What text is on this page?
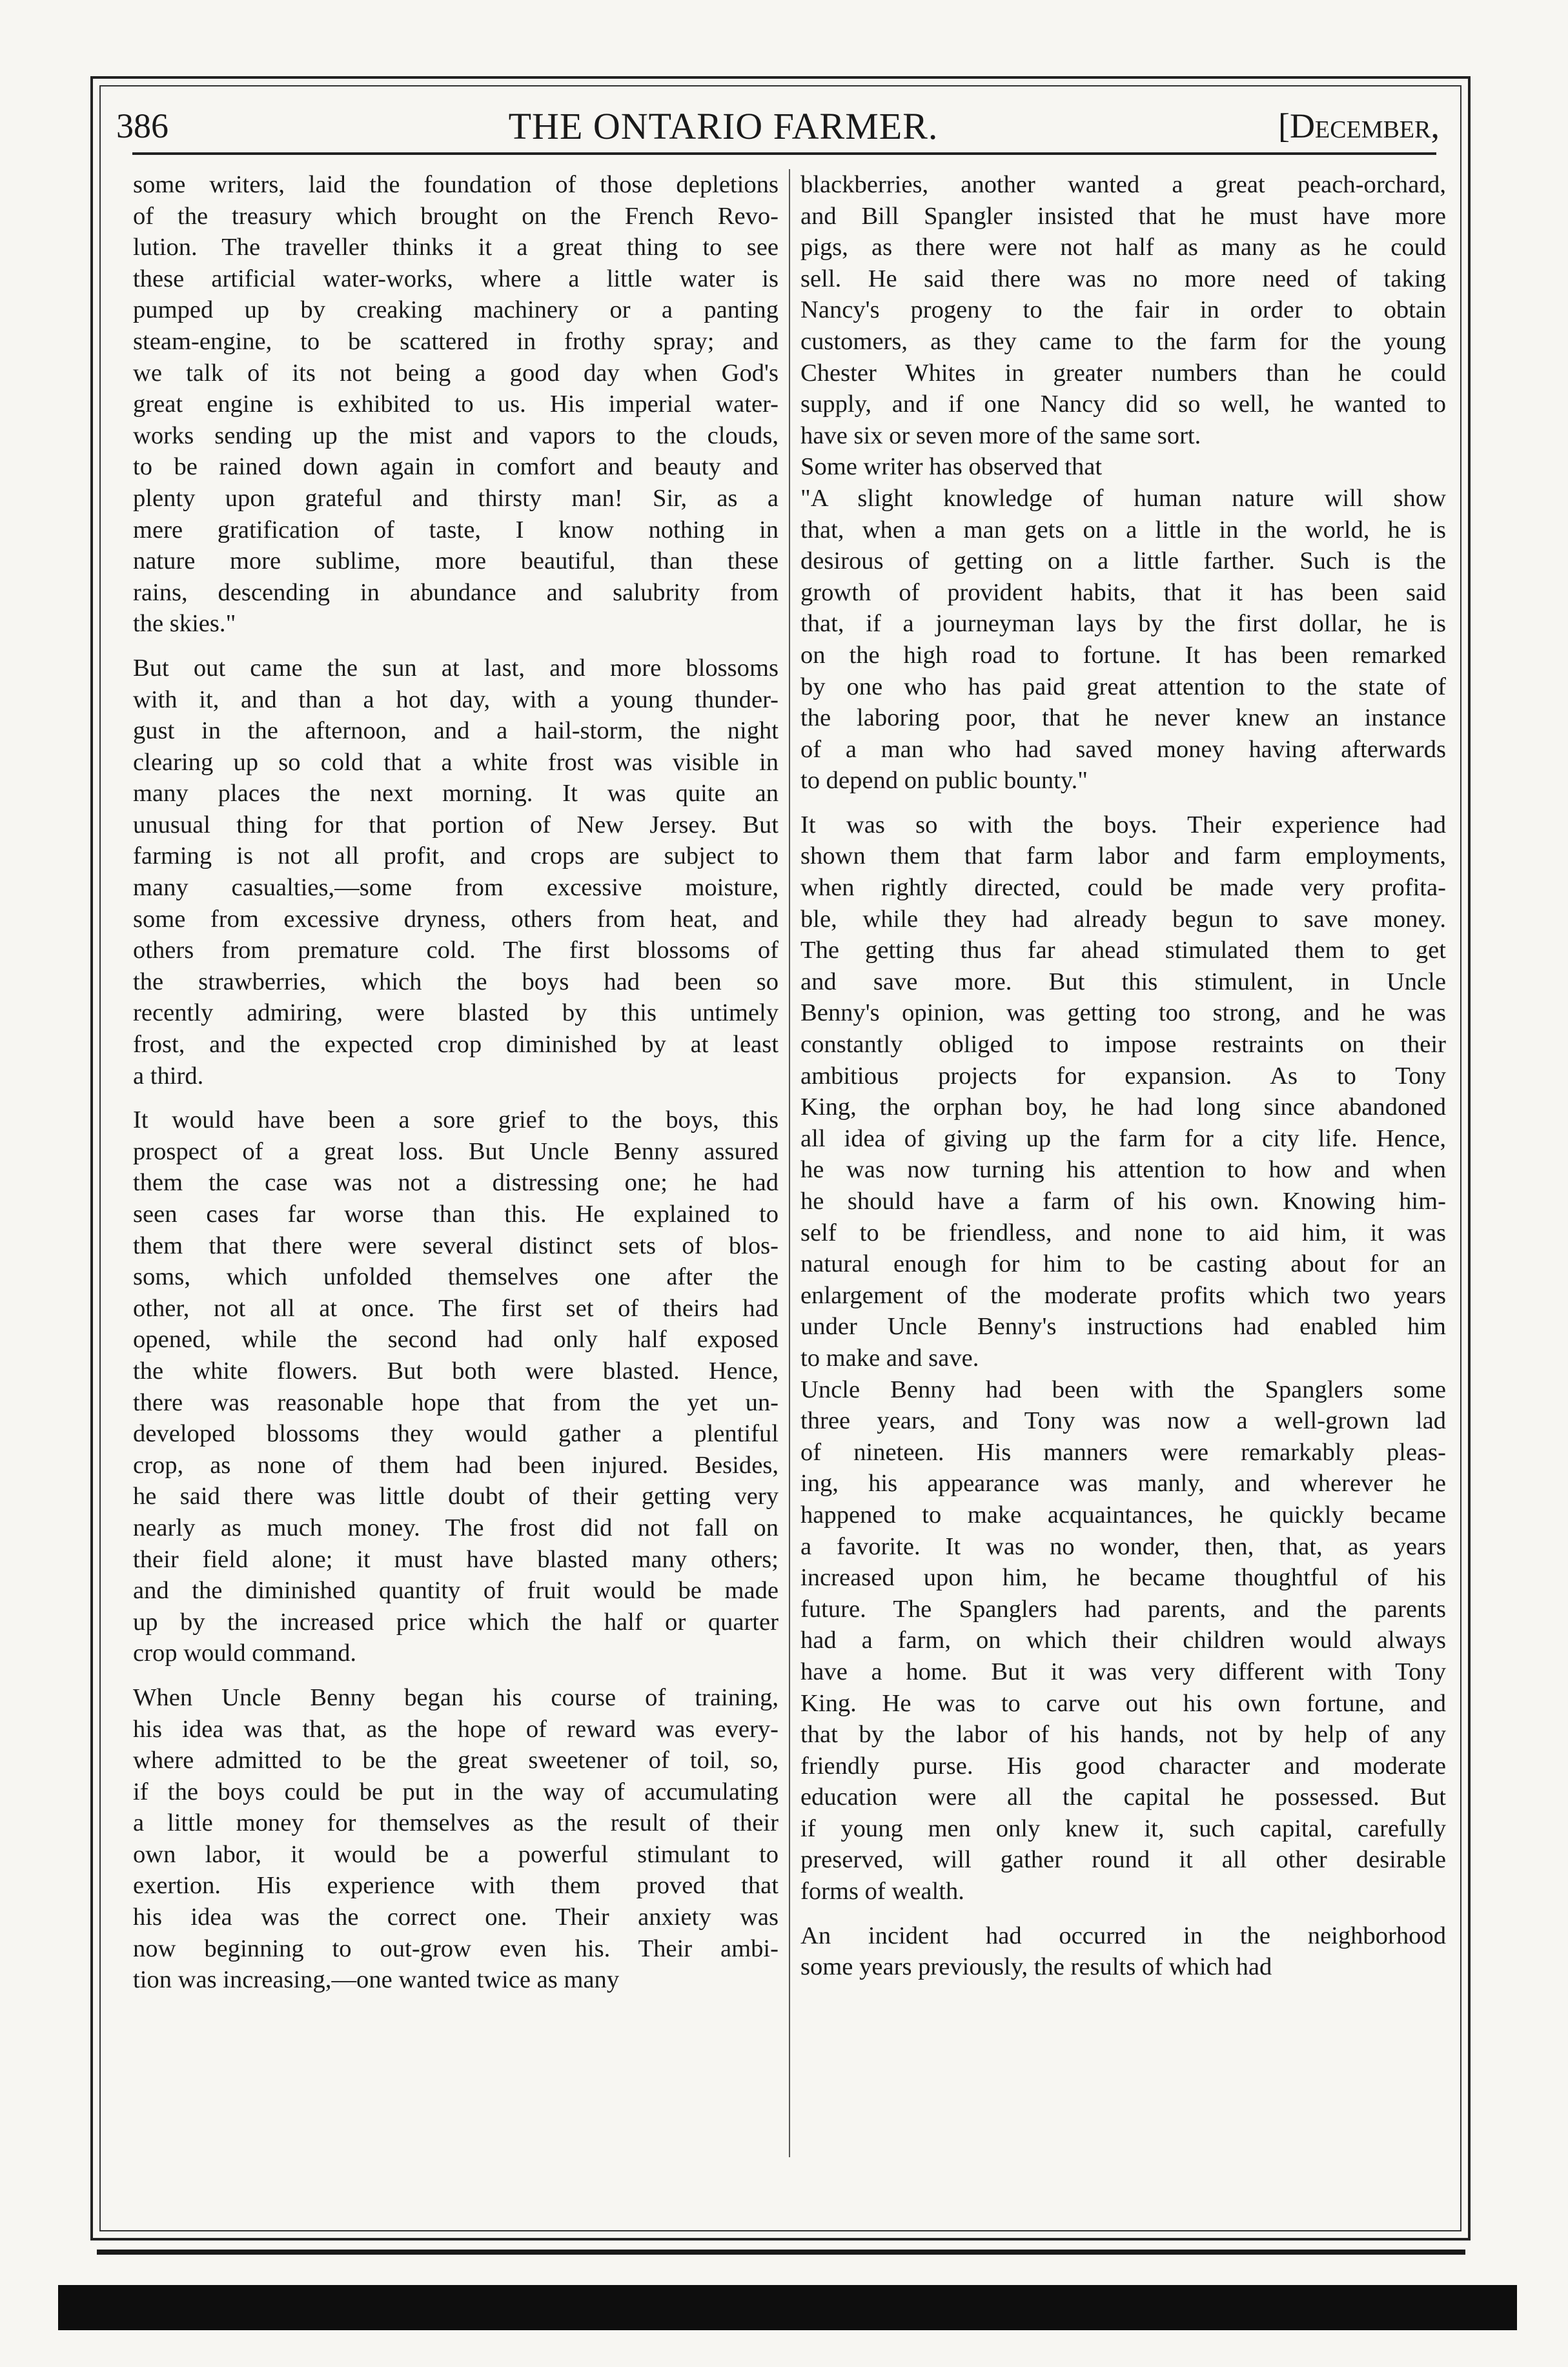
386	THE ONTARIO FARMER.	[December,
some writers, laid the foundation of those depletions
of the treasury which brought on the French Revo-
lution. The traveller thinks it a great thing to see
these artificial water-works, where a little water is
pumped up by creaking machinery or a panting
steam-engine, to be scattered in frothy spray; and
we talk of its not being a good day when God's
great engine is exhibited to us. His imperial water-
works sending up the mist and vapors to the clouds,
to be rained down again in comfort and beauty and
plenty upon grateful and thirsty man! Sir, as a
mere gratification of taste, I know nothing in
nature more sublime, more beautiful, than these
rains, descending in abundance and salubrity from
the skies."
But out came the sun at last, and more blossoms
with it, and than a hot day, with a young thunder-
gust in the afternoon, and a hail-storm, the night
clearing up so cold that a white frost was visible in
many places the next morning. It was quite an
unusual thing for that portion of New Jersey. But
farming is not all profit, and crops are subject to
many casualties,—some from excessive moisture,
some from excessive dryness, others from heat, and
others from premature cold. The first blossoms of
the strawberries, which the boys had been so
recently admiring, were blasted by this untimely
frost, and the expected crop diminished by at least
a third.
It would have been a sore grief to the boys, this
prospect of a great loss. But Uncle Benny assured
them the case was not a distressing one; he had
seen cases far worse than this. He explained to
them that there were several distinct sets of blos-
soms, which unfolded themselves one after the
other, not all at once. The first set of theirs had
opened, while the second had only half exposed
the white flowers. But both were blasted. Hence,
there was reasonable hope that from the yet un-
developed blossoms they would gather a plentiful
crop, as none of them had been injured. Besides,
he said there was little doubt of their getting very
nearly as much money. The frost did not fall on
their field alone; it must have blasted many others;
and the diminished quantity of fruit would be made
up by the increased price which the half or quarter
crop would command.
When Uncle Benny began his course of training,
his idea was that, as the hope of reward was every-
where admitted to be the great sweetener of toil, so,
if the boys could be put in the way of accumulating
a little money for themselves as the result of their
own labor, it would be a powerful stimulant to
exertion. His experience with them proved that
his idea was the correct one. Their anxiety was
now beginning to out-grow even his. Their ambi-
tion was increasing,—one wanted twice as many
blackberries, another wanted a great peach-orchard,
and Bill Spangler insisted that he must have more
pigs, as there were not half as many as he could
sell. He said there was no more need of taking
Nancy's progeny to the fair in order to obtain
customers, as they came to the farm for the young
Chester Whites in greater numbers than he could
supply, and if one Nancy did so well, he wanted to
have six or seven more of the same sort.
Some writer has observed that
"A slight knowledge of human nature will show
that, when a man gets on a little in the world, he is
desirous of getting on a little farther. Such is the
growth of provident habits, that it has been said
that, if a journeyman lays by the first dollar, he is
on the high road to fortune. It has been remarked
by one who has paid great attention to the state of
the laboring poor, that he never knew an instance
of a man who had saved money having afterwards
to depend on public bounty."
It was so with the boys. Their experience had
shown them that farm labor and farm employments,
when rightly directed, could be made very profita-
ble, while they had already begun to save money.
The getting thus far ahead stimulated them to get
and save more. But this stimulent, in Uncle
Benny's opinion, was getting too strong, and he was
constantly obliged to impose restraints on their
ambitious projects for expansion. As to Tony
King, the orphan boy, he had long since abandoned
all idea of giving up the farm for a city life. Hence,
he was now turning his attention to how and when
he should have a farm of his own. Knowing him-
self to be friendless, and none to aid him, it was
natural enough for him to be casting about for an
enlargement of the moderate profits which two years
under Uncle Benny's instructions had enabled him
to make and save.
Uncle Benny had been with the Spanglers some
three years, and Tony was now a well-grown lad
of nineteen. His manners were remarkably pleas-
ing, his appearance was manly, and wherever he
happened to make acquaintances, he quickly became
a favorite. It was no wonder, then, that, as years
increased upon him, he became thoughtful of his
future. The Spanglers had parents, and the parents
had a farm, on which their children would always
have a home. But it was very different with Tony
King. He was to carve out his own fortune, and
that by the labor of his hands, not by help of any
friendly purse. His good character and moderate
education were all the capital he possessed. But
if young men only knew it, such capital, carefully
preserved, will gather round it all other desirable
forms of wealth.
An incident had occurred in the neighborhood
some years previously, the results of which had
